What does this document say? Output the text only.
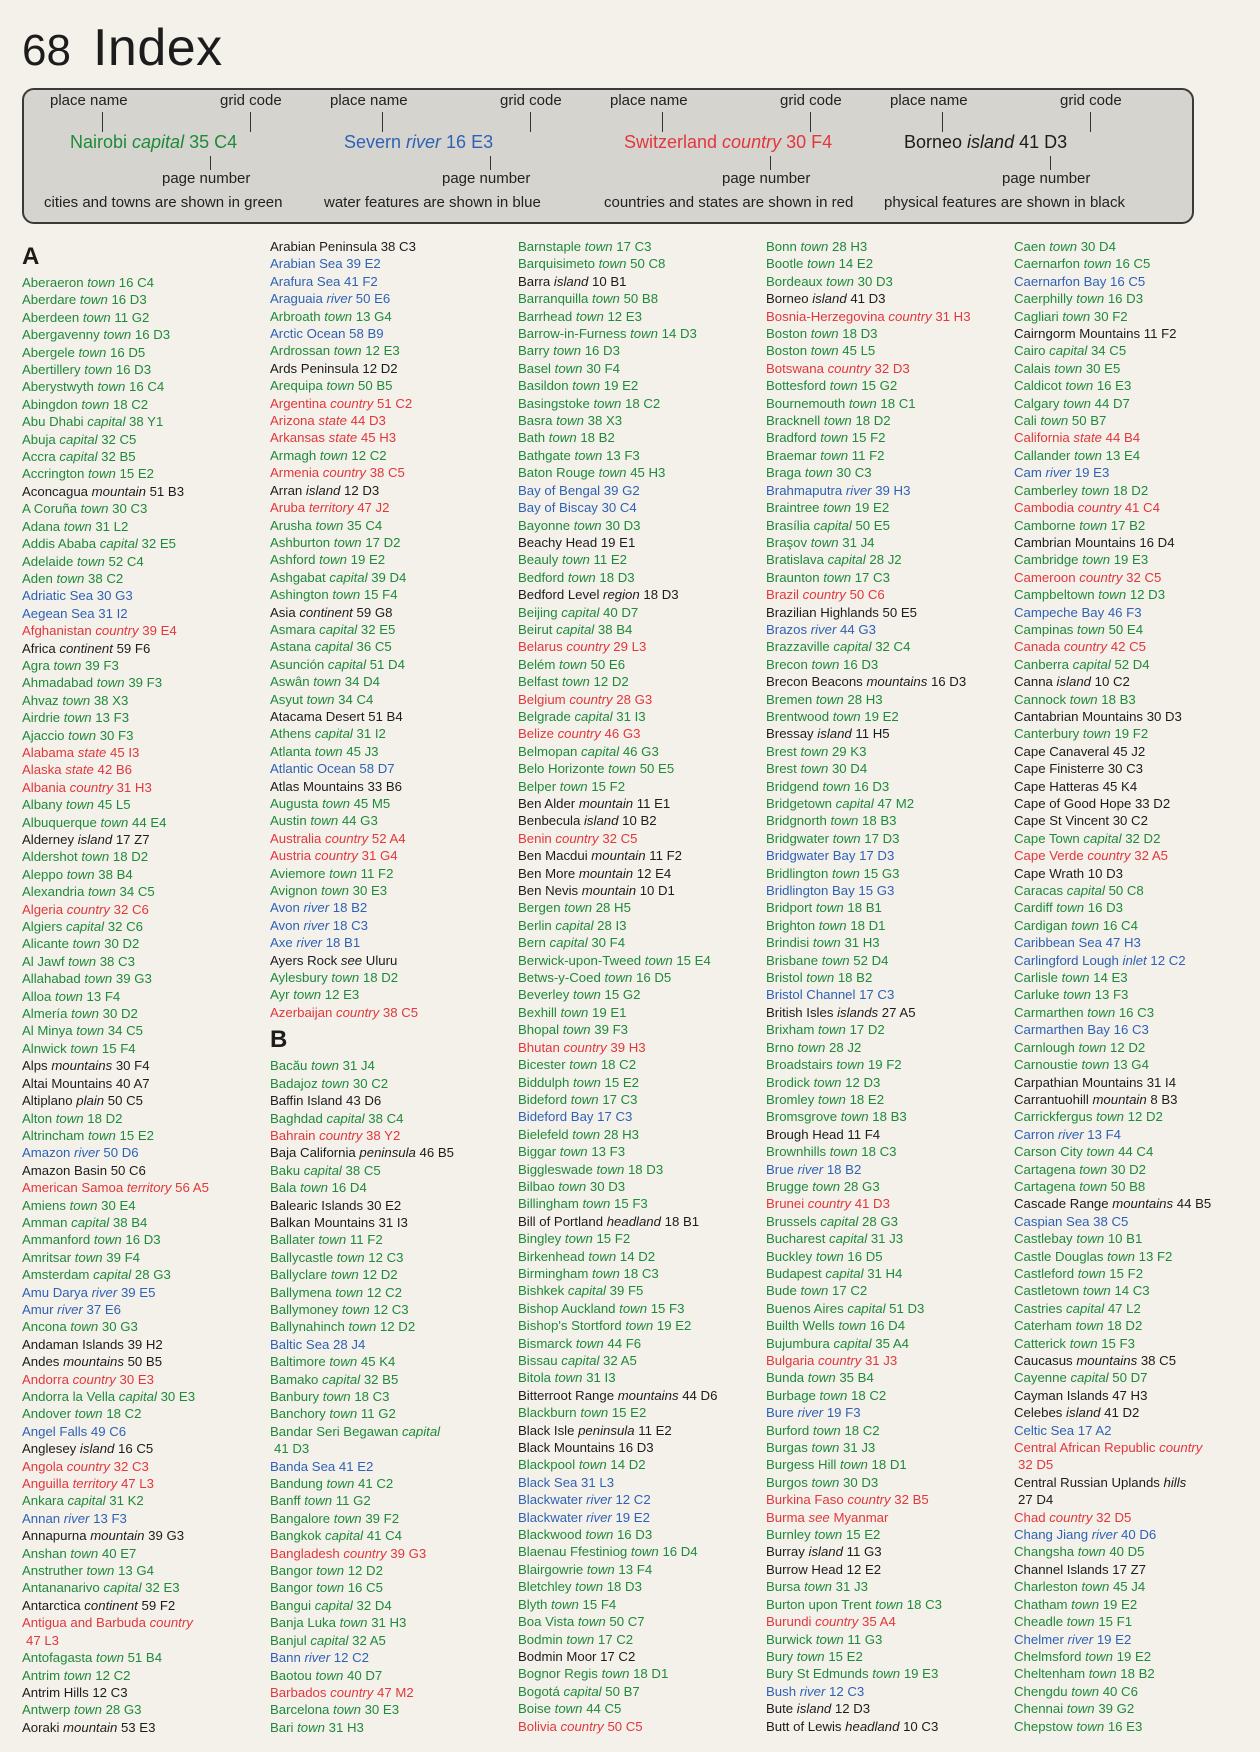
68 Index
place name	grid code
Nairobi capital 35 C4
page number
cities and towns are shown in green
place name	grid code
Severn river 16 E3
page number
water features are shown in blue
place name	grid code
Switzerland country 30 F4
page number
countries and states are shown in red
place name	grid code
Borneo island 41 D3
page number
physical features are shown in black
A
Aberaeron town 16 C4
Aberdare town 16 D3
Aberdeen town 11 G2
Abergavenny town 16 D3
Abergele town 16 D5
Abertillery town 16 D3
Aberystwyth town 16 C4
Abingdon town 18 C2
Abu Dhabi capital 38 Y1
Abuja capital 32 C5
Accra capital 32 B5
Accrington town 15 E2
Aconcagua mountain 51 B3
A Coruña town 30 C3
Adana town 31 L2
Addis Ababa capital 32 E5
Adelaide town 52 C4
Aden town 38 C2
Adriatic Sea 30 G3
Aegean Sea 31 I2
Afghanistan country 39 E4
Africa continent 59 F6
Agra town 39 F3
Ahmadabad town 39 F3
Ahvaz town 38 X3
Airdrie town 13 F3
Ajaccio town 30 F3
Alabama state 45 I3
Alaska state 42 B6
Albania country 31 H3
Albany town 45 L5
Albuquerque town 44 E4
Alderney island 17 Z7
Aldershot town 18 D2
Aleppo town 38 B4
Alexandria town 34 C5
Algeria country 32 C6
Algiers capital 32 C6
Alicante town 30 D2
Al Jawf town 38 C3
Allahabad town 39 G3
Alloa town 13 F4
Almería town 30 D2
Al Minya town 34 C5
Alnwick town 15 F4
Alps mountains 30 F4
Altai Mountains 40 A7
Altiplano plain 50 C5
Alton town 18 D2
Altrincham town 15 E2
Amazon river 50 D6
Amazon Basin 50 C6
American Samoa territory 56 A5
Amiens town 30 E4
Amman capital 38 B4
Ammanford town 16 D3
Amritsar town 39 F4
Amsterdam capital 28 G3
Amu Darya river 39 E5
Amur river 37 E6
Ancona town 30 G3
Andaman Islands 39 H2
Andes mountains 50 B5
Andorra country 30 E3
Andorra la Vella capital 30 E3
Andover town 18 C2
Angel Falls 49 C6
Anglesey island 16 C5
Angola country 32 C3
Anguilla territory 47 L3
Ankara capital 31 K2
Annan river 13 F3
Annapurna mountain 39 G3
Anshan town 40 E7
Anstruther town 13 G4
Antananarivo capital 32 E3
Antarctica continent 59 F2
Antigua and Barbuda country
47 L3
Antofagasta town 51 B4
Antrim town 12 C2
Antrim Hills 12 C3
Antwerp town 28 G3
Aoraki mountain 53 E3
Arabian Peninsula 38 C3
Arabian Sea 39 E2
Arafura Sea 41 F2
Araguaia river 50 E6
Arbroath town 13 G4
Arctic Ocean 58 B9
Ardrossan town 12 E3
Ards Peninsula 12 D2
Arequipa town 50 B5
Argentina country 51 C2
Arizona state 44 D3
Arkansas state 45 H3
Armagh town 12 C2
Armenia country 38 C5
Arran island 12 D3
Aruba territory 47 J2
Arusha town 35 C4
Ashburton town 17 D2
Ashford town 19 E2
Ashgabat capital 39 D4
Ashington town 15 F4
Asia continent 59 G8
Asmara capital 32 E5
Astana capital 36 C5
Asunción capital 51 D4
Aswân town 34 D4
Asyut town 34 C4
Atacama Desert 51 B4
Athens capital 31 I2
Atlanta town 45 J3
Atlantic Ocean 58 D7
Atlas Mountains 33 B6
Augusta town 45 M5
Austin town 44 G3
Australia country 52 A4
Austria country 31 G4
Aviemore town 11 F2
Avignon town 30 E3
Avon river 18 B2
Avon river 18 C3
Axe river 18 B1
Ayers Rock see Uluru
Aylesbury town 18 D2
Ayr town 12 E3
Azerbaijan country 38 C5
B
Bacău town 31 J4
Badajoz town 30 C2
Baffin Island 43 D6
Baghdad capital 38 C4
Bahrain country 38 Y2
Baja California peninsula 46 B5
Baku capital 38 C5
Bala town 16 D4
Balearic Islands 30 E2
Balkan Mountains 31 I3
Ballater town 11 F2
Ballycastle town 12 C3
Ballyclare town 12 D2
Ballymena town 12 C2
Ballymoney town 12 C3
Ballynahinch town 12 D2
Baltic Sea 28 J4
Baltimore town 45 K4
Bamako capital 32 B5
Banbury town 18 C3
Banchory town 11 G2
Bandar Seri Begawan capital
41 D3
Banda Sea 41 E2
Bandung town 41 C2
Banff town 11 G2
Bangalore town 39 F2
Bangkok capital 41 C4
Bangladesh country 39 G3
Bangor town 12 D2
Bangor town 16 C5
Bangui capital 32 D4
Banja Luka town 31 H3
Banjul capital 32 A5
Bann river 12 C2
Baotou town 40 D7
Barbados country 47 M2
Barcelona town 30 E3
Bari town 31 H3
Barnstaple town 17 C3
Barquisimeto town 50 C8
Barra island 10 B1
Barranquilla town 50 B8
Barrhead town 12 E3
Barrow-in-Furness town 14 D3
Barry town 16 D3
Basel town 30 F4
Basildon town 19 E2
Basingstoke town 18 C2
Basra town 38 X3
Bath town 18 B2
Bathgate town 13 F3
Baton Rouge town 45 H3
Bay of Bengal 39 G2
Bay of Biscay 30 C4
Bayonne town 30 D3
Beachy Head 19 E1
Beauly town 11 E2
Bedford town 18 D3
Bedford Level region 18 D3
Beijing capital 40 D7
Beirut capital 38 B4
Belarus country 29 L3
Belém town 50 E6
Belfast town 12 D2
Belgium country 28 G3
Belgrade capital 31 I3
Belize country 46 G3
Belmopan capital 46 G3
Belo Horizonte town 50 E5
Belper town 15 F2
Ben Alder mountain 11 E1
Benbecula island 10 B2
Benin country 32 C5
Ben Macdui mountain 11 F2
Ben More mountain 12 E4
Ben Nevis mountain 10 D1
Bergen town 28 H5
Berlin capital 28 I3
Bern capital 30 F4
Berwick-upon-Tweed town 15 E4
Betws-y-Coed town 16 D5
Beverley town 15 G2
Bexhill town 19 E1
Bhopal town 39 F3
Bhutan country 39 H3
Bicester town 18 C2
Biddulph town 15 E2
Bideford town 17 C3
Bideford Bay 17 C3
Bielefeld town 28 H3
Biggar town 13 F3
Biggleswade town 18 D3
Bilbao town 30 D3
Billingham town 15 F3
Bill of Portland headland 18 B1
Bingley town 15 F2
Birkenhead town 14 D2
Birmingham town 18 C3
Bishkek capital 39 F5
Bishop Auckland town 15 F3
Bishop's Stortford town 19 E2
Bismarck town 44 F6
Bissau capital 32 A5
Bitola town 31 I3
Bitterroot Range mountains 44 D6
Blackburn town 15 E2
Black Isle peninsula 11 E2
Black Mountains 16 D3
Blackpool town 14 D2
Black Sea 31 L3
Blackwater river 12 C2
Blackwater river 19 E2
Blackwood town 16 D3
Blaenau Ffestiniog town 16 D4
Blairgowrie town 13 F4
Bletchley town 18 D3
Blyth town 15 F4
Boa Vista town 50 C7
Bodmin town 17 C2
Bodmin Moor 17 C2
Bognor Regis town 18 D1
Bogotá capital 50 B7
Boise town 44 C5
Bolivia country 50 C5
Bonn town 28 H3
Bootle town 14 E2
Bordeaux town 30 D3
Borneo island 41 D3
Bosnia-Herzegovina country 31 H3
Boston town 18 D3
Boston town 45 L5
Botswana country 32 D3
Bottesford town 15 G2
Bournemouth town 18 C1
Bracknell town 18 D2
Bradford town 15 F2
Braemar town 11 F2
Braga town 30 C3
Brahmaputra river 39 H3
Braintree town 19 E2
Brasília capital 50 E5
Braşov town 31 J4
Bratislava capital 28 J2
Braunton town 17 C3
Brazil country 50 C6
Brazilian Highlands 50 E5
Brazos river 44 G3
Brazzaville capital 32 C4
Brecon town 16 D3
Brecon Beacons mountains 16 D3
Bremen town 28 H3
Brentwood town 19 E2
Bressay island 11 H5
Brest town 29 K3
Brest town 30 D4
Bridgend town 16 D3
Bridgetown capital 47 M2
Bridgnorth town 18 B3
Bridgwater town 17 D3
Bridgwater Bay 17 D3
Bridlington town 15 G3
Bridlington Bay 15 G3
Bridport town 18 B1
Brighton town 18 D1
Brindisi town 31 H3
Brisbane town 52 D4
Bristol town 18 B2
Bristol Channel 17 C3
British Isles islands 27 A5
Brixham town 17 D2
Brno town 28 J2
Broadstairs town 19 F2
Brodick town 12 D3
Bromley town 18 E2
Bromsgrove town 18 B3
Brough Head 11 F4
Brownhills town 18 C3
Brue river 18 B2
Brugge town 28 G3
Brunei country 41 D3
Brussels capital 28 G3
Bucharest capital 31 J3
Buckley town 16 D5
Budapest capital 31 H4
Bude town 17 C2
Buenos Aires capital 51 D3
Builth Wells town 16 D4
Bujumbura capital 35 A4
Bulgaria country 31 J3
Bunda town 35 B4
Burbage town 18 C2
Bure river 19 F3
Burford town 18 C2
Burgas town 31 J3
Burgess Hill town 18 D1
Burgos town 30 D3
Burkina Faso country 32 B5
Burma see Myanmar
Burnley town 15 E2
Burray island 11 G3
Burrow Head 12 E2
Bursa town 31 J3
Burton upon Trent town 18 C3
Burundi country 35 A4
Burwick town 11 G3
Bury town 15 E2
Bury St Edmunds town 19 E3
Bush river 12 C3
Bute island 12 D3
Butt of Lewis headland 10 C3
Caen town 30 D4
Caernarfon town 16 C5
Caernarfon Bay 16 C5
Caerphilly town 16 D3
Cagliari town 30 F2
Cairngorm Mountains 11 F2
Cairo capital 34 C5
Calais town 30 E5
Caldicot town 16 E3
Calgary town 44 D7
Cali town 50 B7
California state 44 B4
Callander town 13 E4
Cam river 19 E3
Camberley town 18 D2
Cambodia country 41 C4
Camborne town 17 B2
Cambrian Mountains 16 D4
Cambridge town 19 E3
Cameroon country 32 C5
Campbeltown town 12 D3
Campeche Bay 46 F3
Campinas town 50 E4
Canada country 42 C5
Canberra capital 52 D4
Canna island 10 C2
Cannock town 18 B3
Cantabrian Mountains 30 D3
Canterbury town 19 F2
Cape Canaveral 45 J2
Cape Finisterre 30 C3
Cape Hatteras 45 K4
Cape of Good Hope 33 D2
Cape St Vincent 30 C2
Cape Town capital 32 D2
Cape Verde country 32 A5
Cape Wrath 10 D3
Caracas capital 50 C8
Cardiff town 16 D3
Cardigan town 16 C4
Caribbean Sea 47 H3
Carlingford Lough inlet 12 C2
Carlisle town 14 E3
Carluke town 13 F3
Carmarthen town 16 C3
Carmarthen Bay 16 C3
Carnlough town 12 D2
Carnoustie town 13 G4
Carpathian Mountains 31 I4
Carrantuohill mountain 8 B3
Carrickfergus town 12 D2
Carron river 13 F4
Carson City town 44 C4
Cartagena town 30 D2
Cartagena town 50 B8
Cascade Range mountains 44 B5
Caspian Sea 38 C5
Castlebay town 10 B1
Castle Douglas town 13 F2
Castleford town 15 F2
Castletown town 14 C3
Castries capital 47 L2
Caterham town 18 D2
Catterick town 15 F3
Caucasus mountains 38 C5
Cayenne capital 50 D7
Cayman Islands 47 H3
Celebes island 41 D2
Celtic Sea 17 A2
Central African Republic country
32 D5
Central Russian Uplands hills
27 D4
Chad country 32 D5
Chang Jiang river 40 D6
Changsha town 40 D5
Channel Islands 17 Z7
Charleston town 45 J4
Chatham town 19 E2
Cheadle town 15 F1
Chelmer river 19 E2
Chelmsford town 19 E2
Cheltenham town 18 B2
Chengdu town 40 C6
Chennai town 39 G2
Chepstow town 16 E3
